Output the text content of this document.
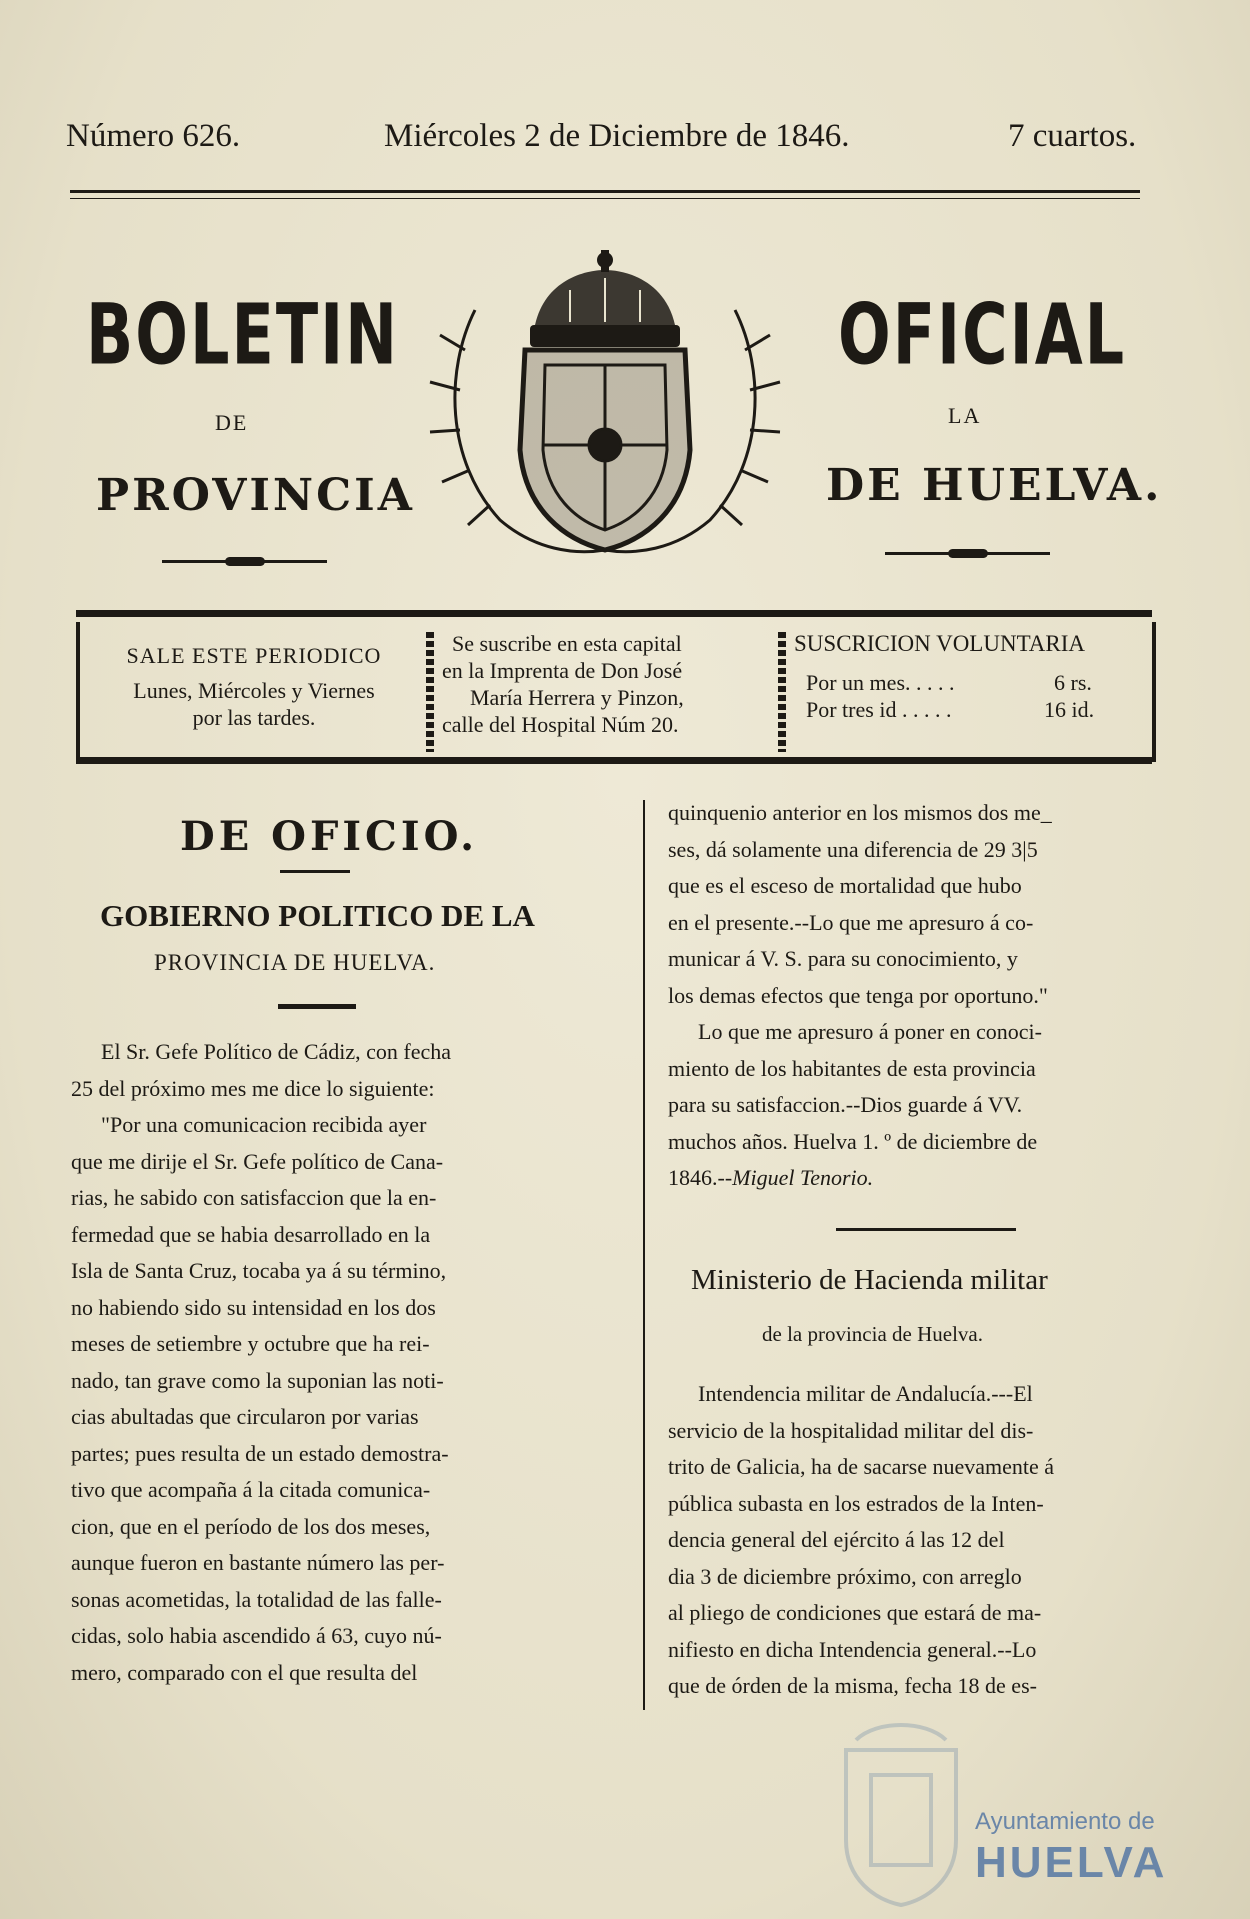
Número 626.	Miércoles 2 de Diciembre de 1846.	7 cuartos.
BOLETIN	OFICIAL
DE	LA
PROVINCIA	DE HUELVA.
SALE ESTE PERIODICO
Lunes, Miércoles y Viernes
por las tardes.
Se suscribe en esta capital
en la Imprenta de Don José
María Herrera y Pinzon,
calle del Hospital Núm 20.
SUSCRICION VOLUNTARIA
Por un mes. . . . .	6 rs.
Por tres id . . . . .	16 id.
DE OFICIO.
GOBIERNO POLITICO DE LA
PROVINCIA DE HUELVA.

El Sr. Gefe Político de Cádiz, con fecha

25 del próximo mes me dice lo siguiente:

"Por una comunicacion recibida ayer

que me dirije el Sr. Gefe político de Cana-

rias, he sabido con satisfaccion que la en-

fermedad que se habia desarrollado en la

Isla de Santa Cruz, tocaba ya á su término,

no habiendo sido su intensidad en los dos

meses de setiembre y octubre que ha rei-

nado, tan grave como la suponian las noti-

cias abultadas que circularon por varias

partes; pues resulta de un estado demostra-

tivo que acompaña á la citada comunica-

cion, que en el período de los dos meses,

aunque fueron en bastante número las per-

sonas acometidas, la totalidad de las falle-

cidas, solo habia ascendido á 63, cuyo nú-

mero, comparado con el que resulta del

quinquenio anterior en los mismos dos me_

ses, dá solamente una diferencia de 29 3|5

que es el esceso de mortalidad que hubo

en el presente.--Lo que me apresuro á co-

municar á V. S. para su conocimiento, y

los demas efectos que tenga por oportuno."

Lo que me apresuro á poner en conoci-

miento de los habitantes de esta provincia

para su satisfaccion.--Dios guarde á VV.

muchos años. Huelva 1. º de diciembre de

1846.--Miguel Tenorio.
Ministerio de Hacienda militar
de la provincia de Huelva.

Intendencia militar de Andalucía.---El

servicio de la hospitalidad militar del dis-

trito de Galicia, ha de sacarse nuevamente á

pública subasta en los estrados de la Inten-

dencia general del ejército á las 12 del

dia 3 de diciembre próximo, con arreglo

al pliego de condiciones que estará de ma-

nifiesto en dicha Intendencia general.--Lo

que de órden de la misma, fecha 18 de es-

Ayuntamiento de
HUELVA
